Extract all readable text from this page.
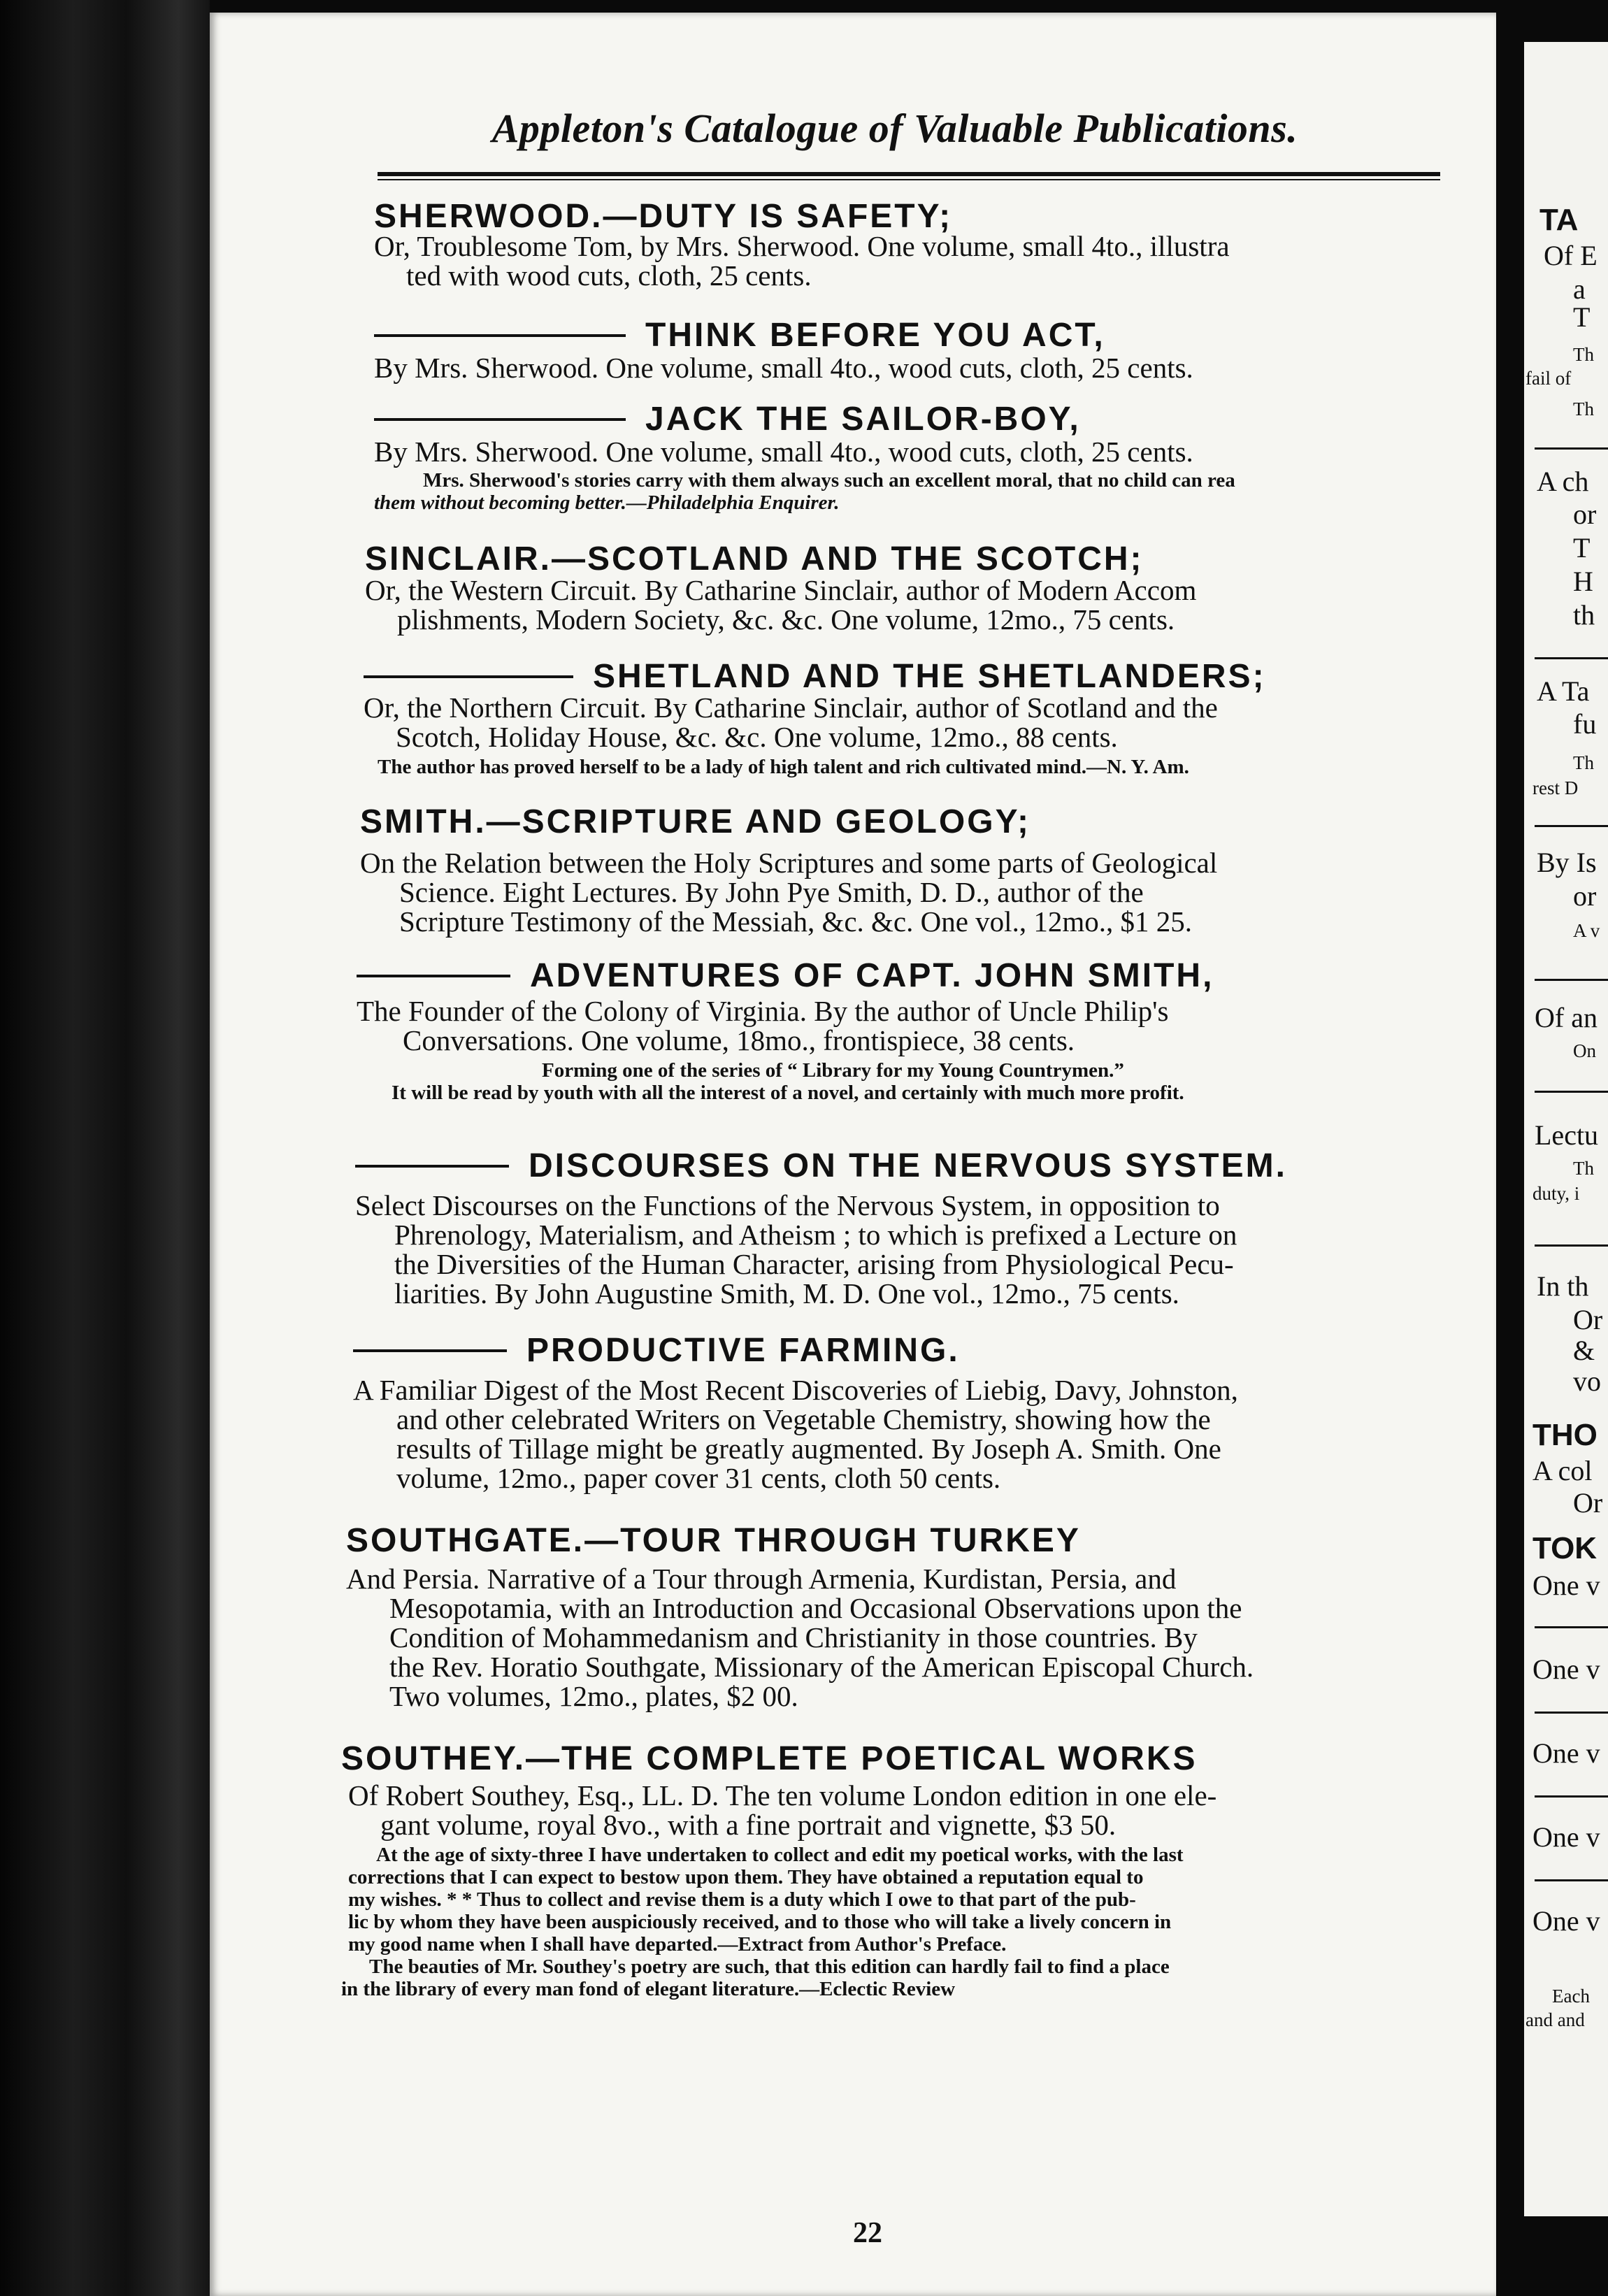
Appleton's Catalogue of Valuable Publications.
SHERWOOD.—DUTY IS SAFETY;

Or, Troublesome Tom, by Mrs. Sherwood. One volume, small 4to., illustra

ted with wood cuts, cloth, 25 cents.

THINK BEFORE YOU ACT,

By Mrs. Sherwood. One volume, small 4to., wood cuts, cloth, 25 cents.

JACK THE SAILOR-BOY,

By Mrs. Sherwood. One volume, small 4to., wood cuts, cloth, 25 cents.

Mrs. Sherwood's stories carry with them always such an excellent moral, that no child can rea

them without becoming better.—Philadelphia Enquirer.

SINCLAIR.—SCOTLAND AND THE SCOTCH;

Or, the Western Circuit. By Catharine Sinclair, author of Modern Accom

plishments, Modern Society, &c. &c. One volume, 12mo., 75 cents.

SHETLAND AND THE SHETLANDERS;

Or, the Northern Circuit. By Catharine Sinclair, author of Scotland and the

Scotch, Holiday House, &c. &c. One volume, 12mo., 88 cents.

The author has proved herself to be a lady of high talent and rich cultivated mind.—N. Y. Am.

SMITH.—SCRIPTURE AND GEOLOGY;

On the Relation between the Holy Scriptures and some parts of Geological

Science. Eight Lectures. By John Pye Smith, D. D., author of the

Scripture Testimony of the Messiah, &c. &c. One vol., 12mo., $1 25.

ADVENTURES OF CAPT. JOHN SMITH,

The Founder of the Colony of Virginia. By the author of Uncle Philip's

Conversations. One volume, 18mo., frontispiece, 38 cents.

Forming one of the series of “ Library for my Young Countrymen.”

It will be read by youth with all the interest of a novel, and certainly with much more profit.

DISCOURSES ON THE NERVOUS SYSTEM.

Select Discourses on the Functions of the Nervous System, in opposition to

Phrenology, Materialism, and Atheism ; to which is prefixed a Lecture on

the Diversities of the Human Character, arising from Physiological Pecu-

liarities. By John Augustine Smith, M. D. One vol., 12mo., 75 cents.

PRODUCTIVE FARMING.

A Familiar Digest of the Most Recent Discoveries of Liebig, Davy, Johnston,

and other celebrated Writers on Vegetable Chemistry, showing how the

results of Tillage might be greatly augmented. By Joseph A. Smith. One

volume, 12mo., paper cover 31 cents, cloth 50 cents.

SOUTHGATE.—TOUR THROUGH TURKEY

And Persia. Narrative of a Tour through Armenia, Kurdistan, Persia, and

Mesopotamia, with an Introduction and Occasional Observations upon the

Condition of Mohammedanism and Christianity in those countries. By

the Rev. Horatio Southgate, Missionary of the American Episcopal Church.

Two volumes, 12mo., plates, $2 00.

SOUTHEY.—THE COMPLETE POETICAL WORKS

Of Robert Southey, Esq., LL. D. The ten volume London edition in one ele-

gant volume, royal 8vo., with a fine portrait and vignette, $3 50.

At the age of sixty-three I have undertaken to collect and edit my poetical works, with the last

corrections that I can expect to bestow upon them. They have obtained a reputation equal to

my wishes. * * Thus to collect and revise them is a duty which I owe to that part of the pub-

lic by whom they have been auspiciously received, and to those who will take a lively concern in

my good name when I shall have departed.—Extract from Author's Preface.

The beauties of Mr. Southey's poetry are such, that this edition can hardly fail to find a place

in the library of every man fond of elegant literature.—Eclectic Review

22
TA
Of E
a
T
Th
fail of
Th
A ch
or
T
H
th
A Ta
fu
Th
rest D
By Is
or
A v
Of an
On
Lectu
Th
duty, i
In th
Or
&
vo
THO
A col
Or
TOK
One v
One v
One v
One v
One v
Each
and and
